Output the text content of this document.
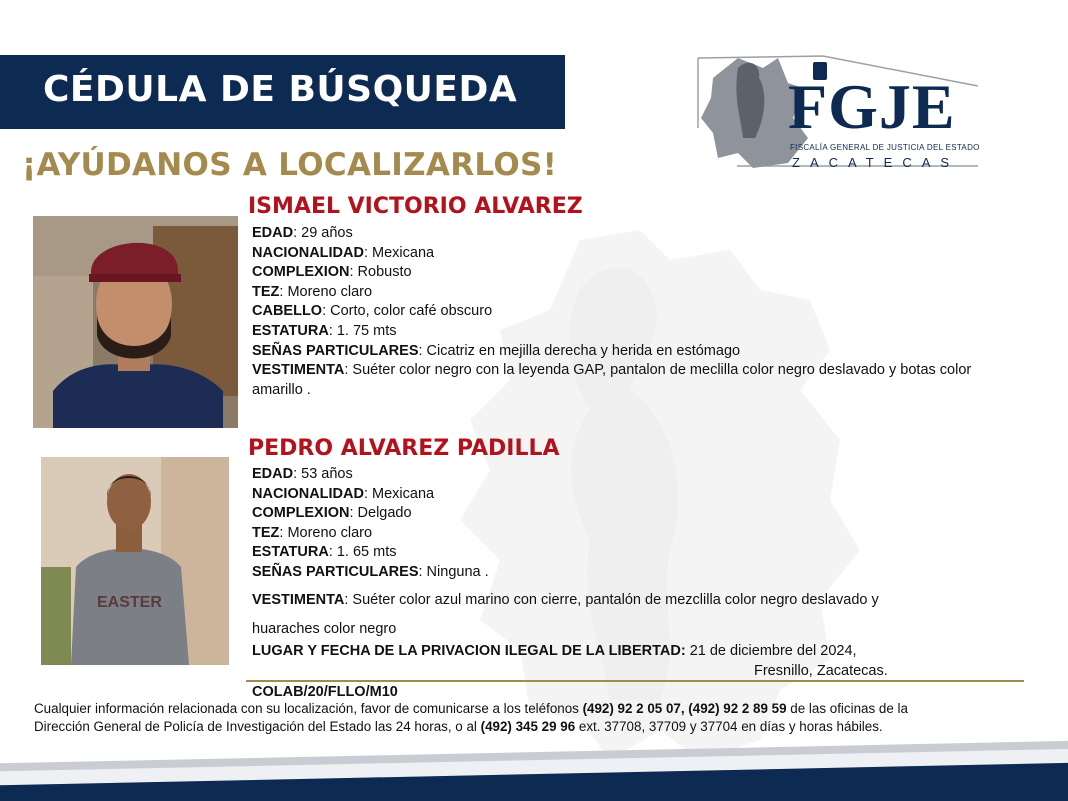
CÉDULA DE BÚSQUEDA
¡AYÚDANOS A LOCALIZARLOS!
FGJE
FISCALÍA GENERAL DE JUSTICIA DEL ESTADO
ZACATECAS
ISMAEL VICTORIO ALVAREZ
EDAD: 29 años
NACIONALIDAD: Mexicana
COMPLEXION: Robusto
TEZ: Moreno claro
CABELLO: Corto, color café obscuro
ESTATURA: 1. 75 mts
SEÑAS PARTICULARES: Cicatriz en mejilla derecha y herida en estómago
VESTIMENTA: Suéter color negro con la leyenda GAP, pantalon de meclilla color negro deslavado y botas color amarillo .
EASTER
PEDRO ALVAREZ PADILLA
EDAD: 53 años
NACIONALIDAD: Mexicana
COMPLEXION: Delgado
TEZ: Moreno claro
ESTATURA: 1. 65 mts
SEÑAS PARTICULARES: Ninguna .
VESTIMENTA: Suéter color azul marino con cierre, pantalón de mezclilla color negro deslavado y
huaraches color negro
LUGAR Y FECHA DE LA PRIVACION ILEGAL DE LA LIBERTAD: 21 de diciembre del 2024,
Fresnillo, Zacatecas.
COLAB/20/FLLO/M10
Cualquier información relacionada con su localización, favor de comunicarse a los teléfonos (492) 92 2 05 07, (492) 92 2 89 59 de las oficinas de la
Dirección General de Policía de Investigación del Estado las 24 horas, o al (492) 345 29 96 ext. 37708, 37709 y 37704 en días y horas hábiles.
